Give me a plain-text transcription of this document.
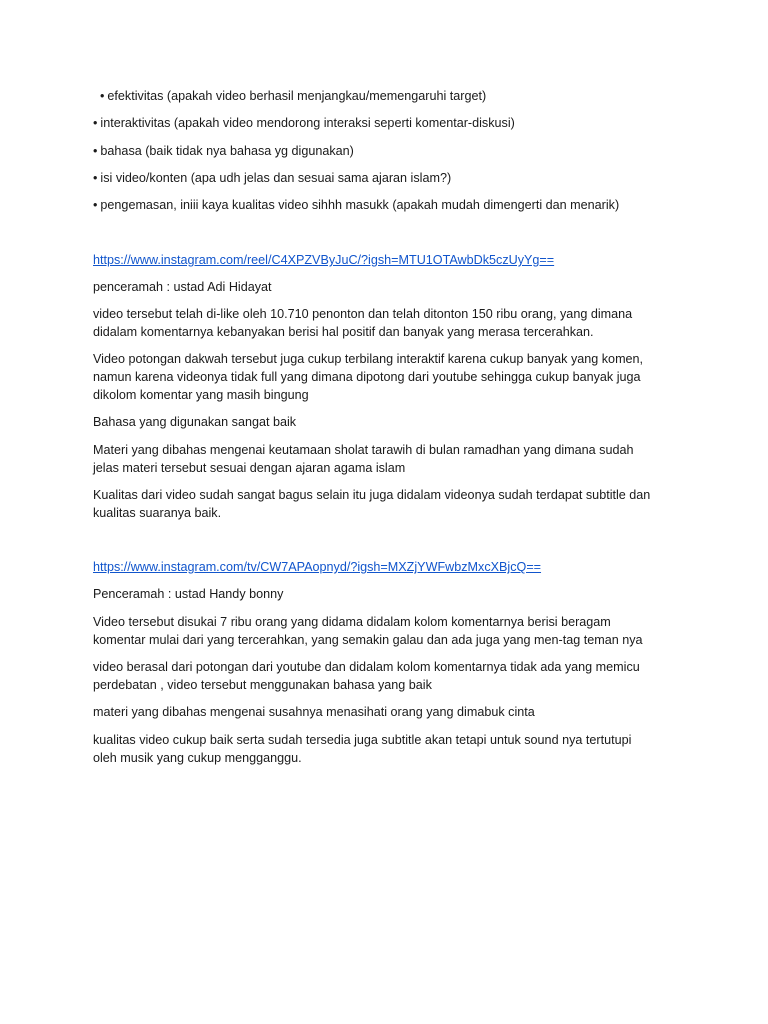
• efektivitas (apakah video berhasil menjangkau/memengaruhi target)
• interaktivitas (apakah video mendorong interaksi seperti komentar-diskusi)
• bahasa (baik tidak nya bahasa yg digunakan)
• isi video/konten (apa udh jelas dan sesuai sama ajaran islam?)
• pengemasan, iniii kaya kualitas video sihhh masukk (apakah mudah dimengerti dan menarik)
https://www.instagram.com/reel/C4XPZVByJuC/?igsh=MTU1OTAwbDk5czUyYg==
penceramah : ustad Adi Hidayat
video tersebut telah di-like oleh 10.710 penonton dan telah ditonton 150 ribu orang, yang dimana
didalam komentarnya kebanyakan berisi hal positif dan banyak yang merasa tercerahkan.
Video potongan dakwah tersebut juga cukup terbilang interaktif karena cukup banyak yang komen,
namun karena videonya tidak full yang dimana dipotong dari youtube sehingga cukup banyak juga
dikolom komentar yang masih bingung
Bahasa yang digunakan sangat baik
Materi yang dibahas mengenai keutamaan sholat tarawih di bulan ramadhan yang dimana sudah
jelas materi tersebut sesuai dengan ajaran agama islam
Kualitas dari video sudah sangat bagus selain itu juga didalam videonya sudah terdapat subtitle dan
kualitas suaranya baik.
https://www.instagram.com/tv/CW7APAopnyd/?igsh=MXZjYWFwbzMxcXBjcQ==
Penceramah : ustad Handy bonny
Video tersebut disukai 7 ribu orang yang didama didalam kolom komentarnya berisi beragam
komentar mulai dari yang tercerahkan, yang semakin galau dan ada juga yang men-tag teman nya
video berasal dari potongan dari youtube dan didalam kolom komentarnya tidak ada yang memicu
perdebatan , video tersebut menggunakan bahasa yang baik
materi yang dibahas mengenai susahnya menasihati orang yang dimabuk cinta
kualitas video cukup baik serta sudah tersedia juga subtitle akan tetapi untuk sound nya tertutupi
oleh musik yang cukup mengganggu.
